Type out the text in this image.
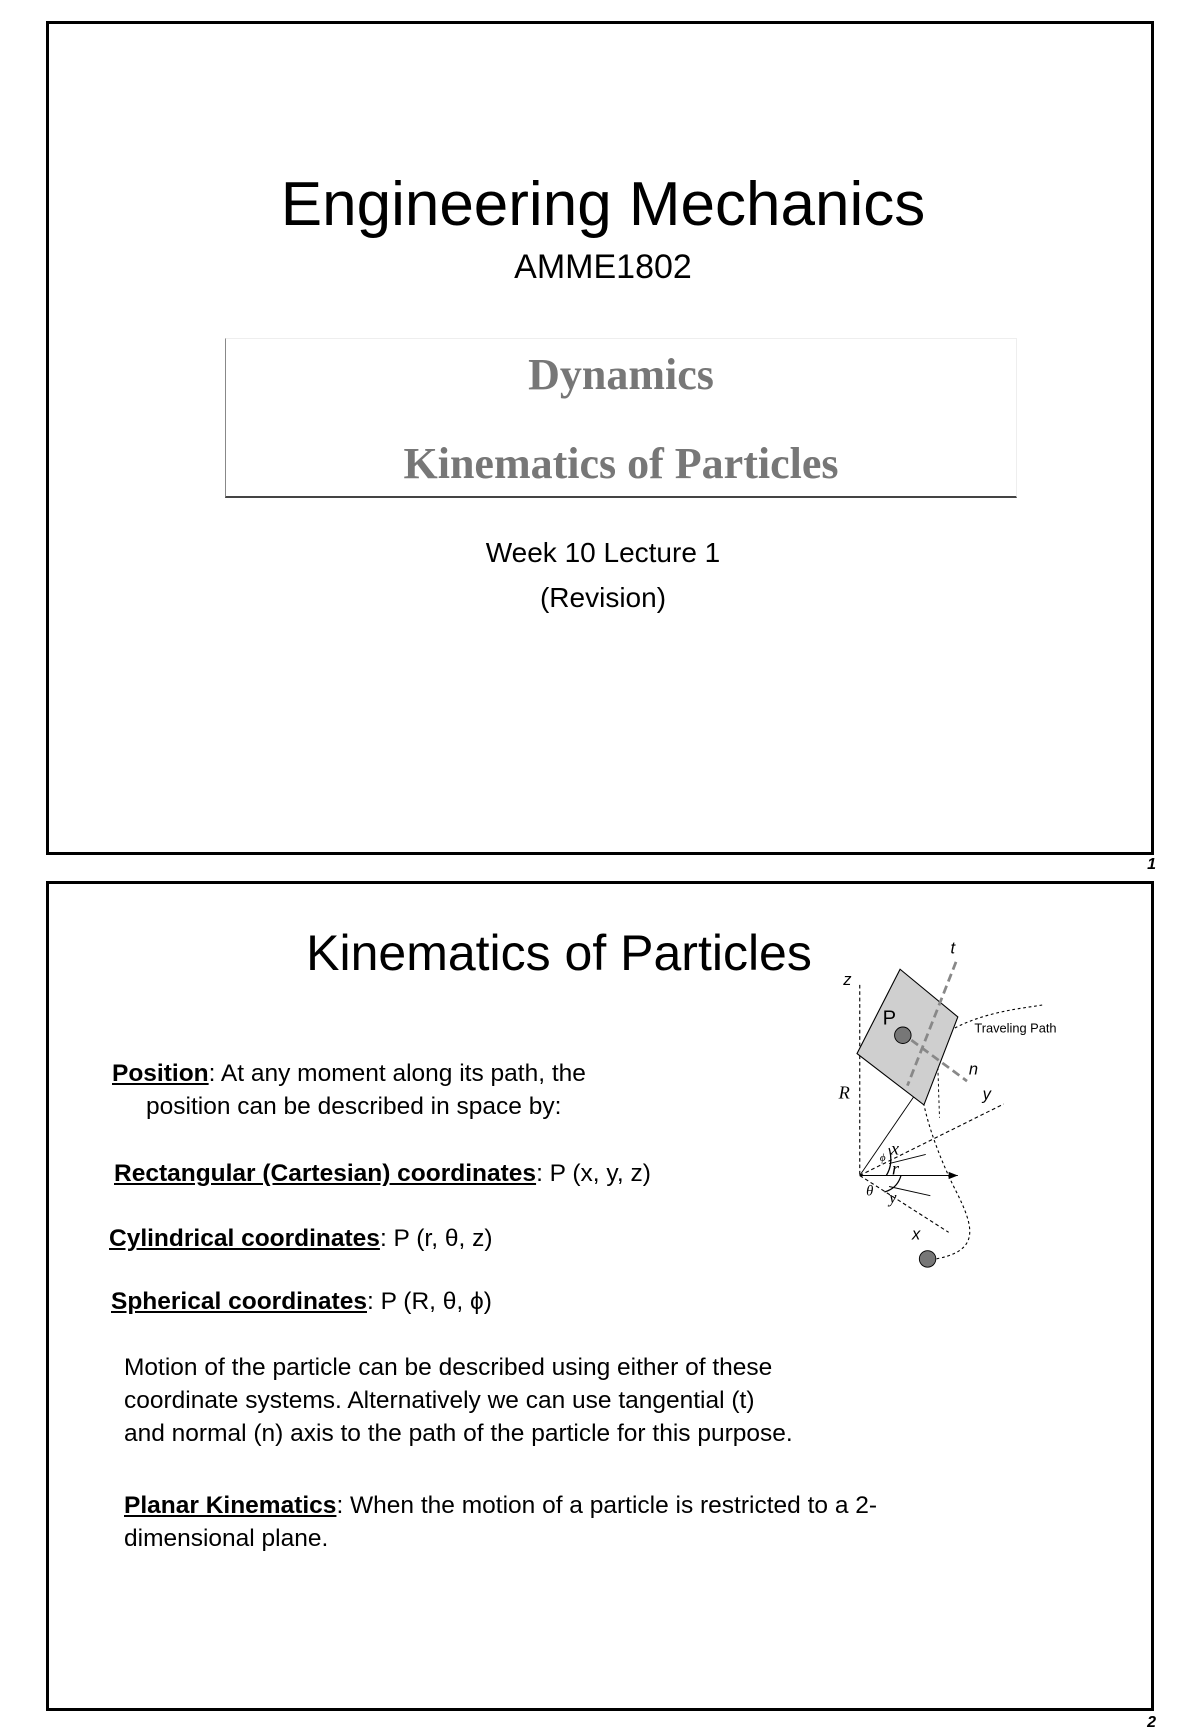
Engineering Mechanics
AMME1802
Dynamics
Kinematics of Particles
Week 10 Lecture 1
(Revision)
1
Kinematics of Particles
Position: At any moment along its path, the
position can be described in space by:
Rectangular (Cartesian) coordinates: P (x, y, z)
Cylindrical coordinates: P (r, θ, z)
Spherical coordinates: P (R, θ, ϕ)
Motion of the particle can be described using either of these
coordinate systems. Alternatively we can use tangential (t)
and normal (n) axis to the path of the particle for this purpose.
Planar Kinematics: When the motion of a particle is restricted to a 2-
dimensional plane.
z
t
P	Traveling Path
n
R	y
ϕ x
r
θ y
x
2
